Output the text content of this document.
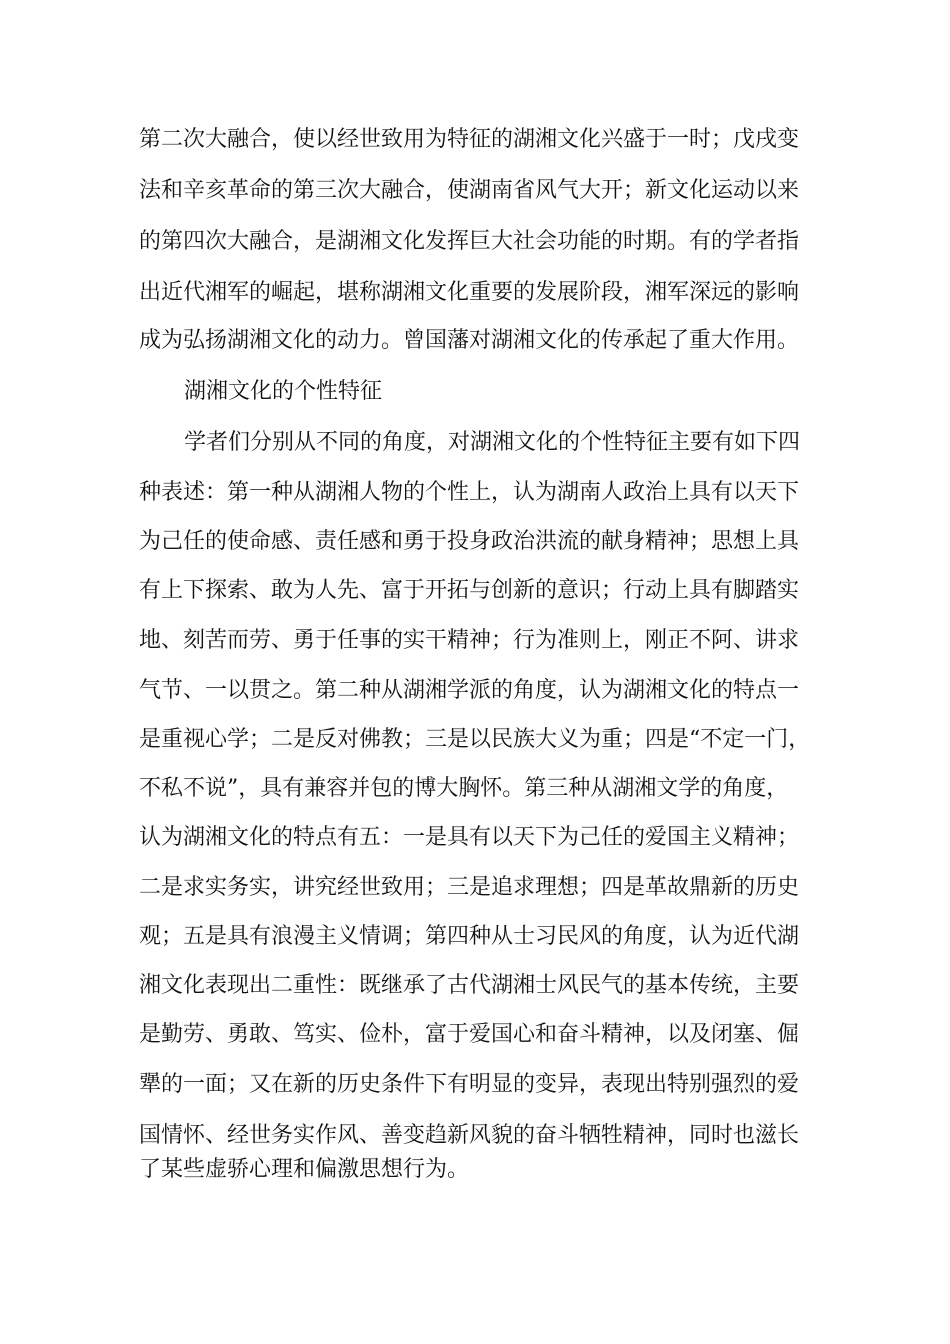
第二次大融合，使以经世致用为特征的湖湘文化兴盛于一时；戊戌变
法和辛亥革命的第三次大融合，使湖南省风气大开；新文化运动以来
的第四次大融合，是湖湘文化发挥巨大社会功能的时期。有的学者指
出近代湘军的崛起，堪称湖湘文化重要的发展阶段，湘军深远的影响
成为弘扬湖湘文化的动力。曾国藩对湖湘文化的传承起了重大作用。
湖湘文化的个性特征
学者们分别从不同的角度，对湖湘文化的个性特征主要有如下四
种表述：第一种从湖湘人物的个性上，认为湖南人政治上具有以天下
为己任的使命感、责任感和勇于投身政治洪流的献身精神；思想上具
有上下探索、敢为人先、富于开拓与创新的意识；行动上具有脚踏实
地、刻苦而劳、勇于任事的实干精神；行为准则上，刚正不阿、讲求
气节、一以贯之。第二种从湖湘学派的角度，认为湖湘文化的特点一
是重视心学；二是反对佛教；三是以民族大义为重；四是“不定一门，
不私不说”，具有兼容并包的博大胸怀。第三种从湖湘文学的角度，
认为湖湘文化的特点有五：一是具有以天下为己任的爱国主义精神；
二是求实务实，讲究经世致用；三是追求理想；四是革故鼎新的历史
观；五是具有浪漫主义情调；第四种从士习民风的角度，认为近代湖
湘文化表现出二重性：既继承了古代湖湘士风民气的基本传统，主要
是勤劳、勇敢、笃实、俭朴，富于爱国心和奋斗精神，以及闭塞、倔
犟的一面；又在新的历史条件下有明显的变异，表现出特别强烈的爱
国情怀、经世务实作风、善变趋新风貌的奋斗牺牲精神，同时也滋长
了某些虚骄心理和偏激思想行为。
